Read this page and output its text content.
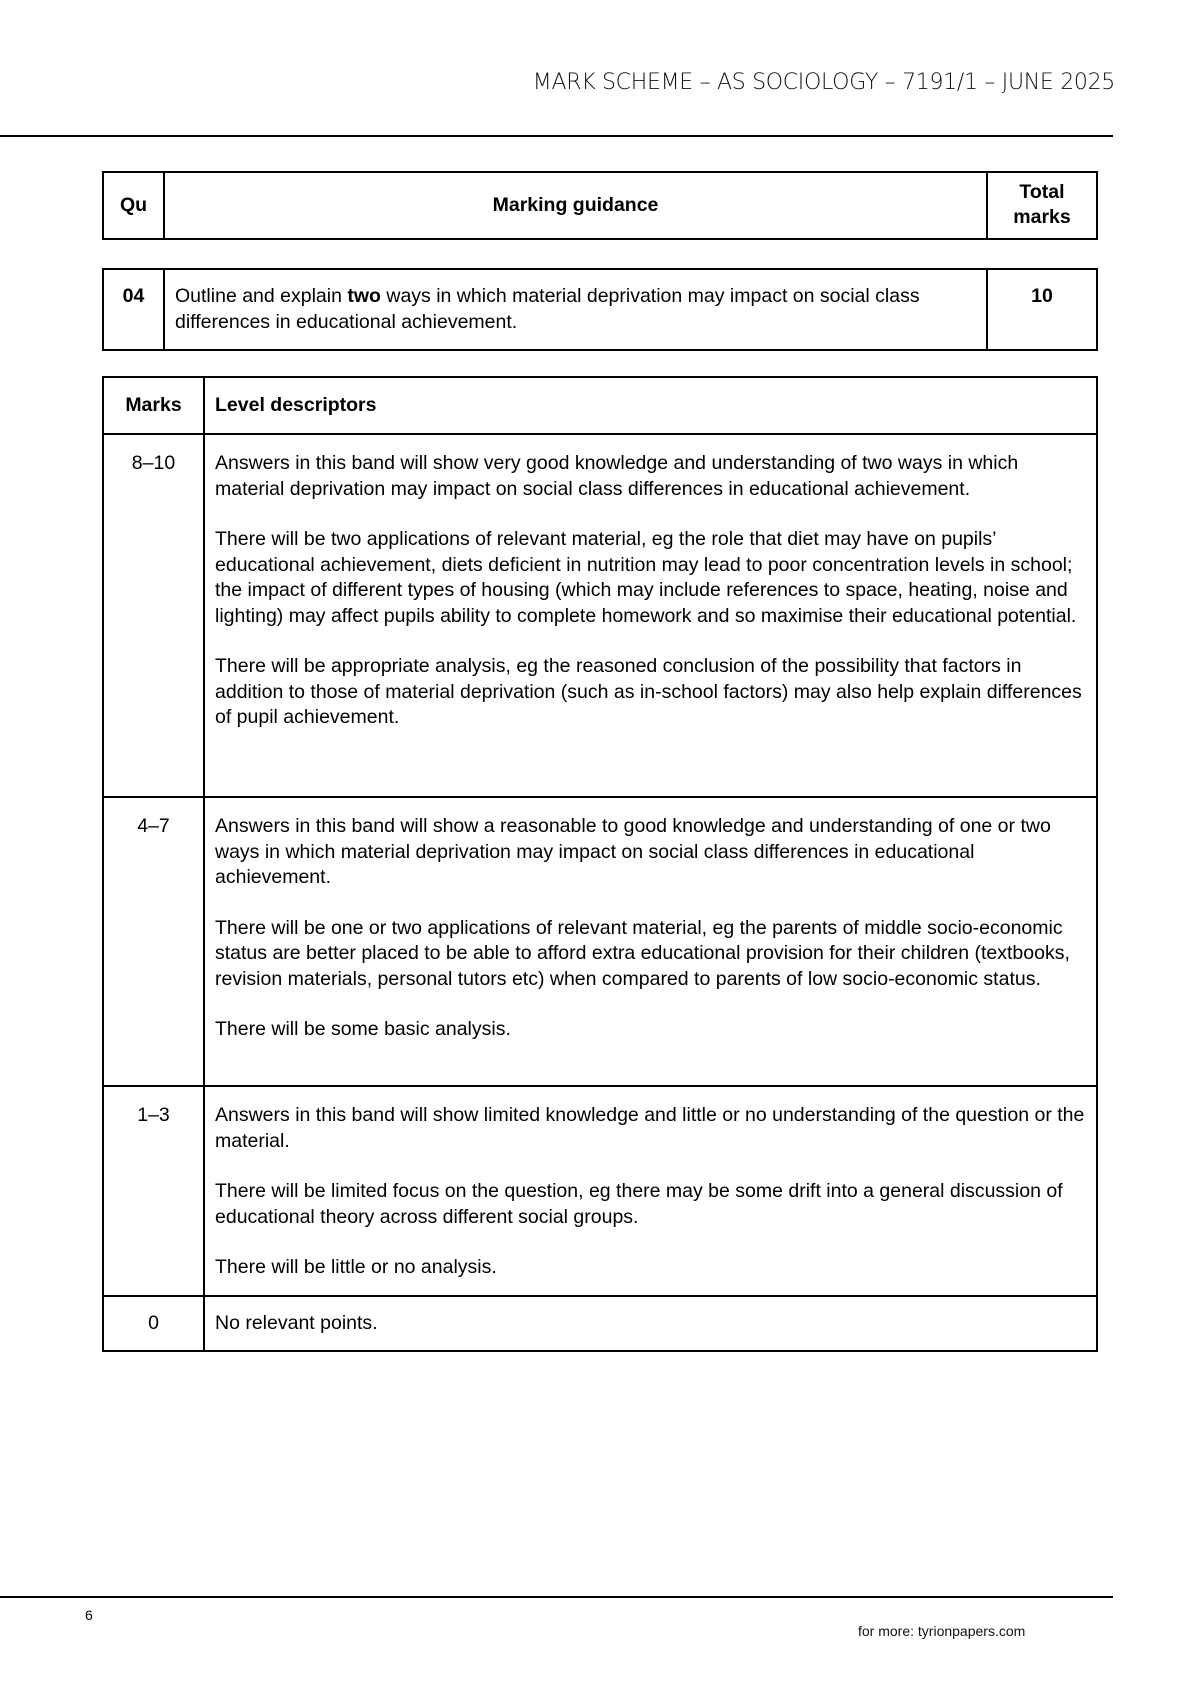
MARK SCHEME – AS SOCIOLOGY – 7191/1 – JUNE 2025
Qu	Marking guidance	Total marks
04	Outline and explain two ways in which material deprivation may impact on social class differences in educational achievement.	10
Marks	Level descriptors
8–10	Answers in this band will show very good knowledge and understanding of two ways in which material deprivation may impact on social class differences in educational achievement.

There will be two applications of relevant material, eg the role that diet may have on pupils’ educational achievement, diets deficient in nutrition may lead to poor concentration levels in school; the impact of different types of housing (which may include references to space, heating, noise and lighting) may affect pupils ability to complete homework and so maximise their educational potential.

There will be appropriate analysis, eg the reasoned conclusion of the possibility that factors in addition to those of material deprivation (such as in-school factors) may also help explain differences of pupil achievement.

4–7	Answers in this band will show a reasonable to good knowledge and understanding of one or two ways in which material deprivation may impact on social class differences in educational achievement.

There will be one or two applications of relevant material, eg the parents of middle socio-economic status are better placed to be able to afford extra educational provision for their children (textbooks, revision materials, personal tutors etc) when compared to parents of low socio-economic status.

There will be some basic analysis.

1–3	Answers in this band will show limited knowledge and little or no understanding of the question or the material.

There will be limited focus on the question, eg there may be some drift into a general discussion of educational theory across different social groups.

There will be little or no analysis.

0	No relevant points.

6
for more: tyrionpapers.com
